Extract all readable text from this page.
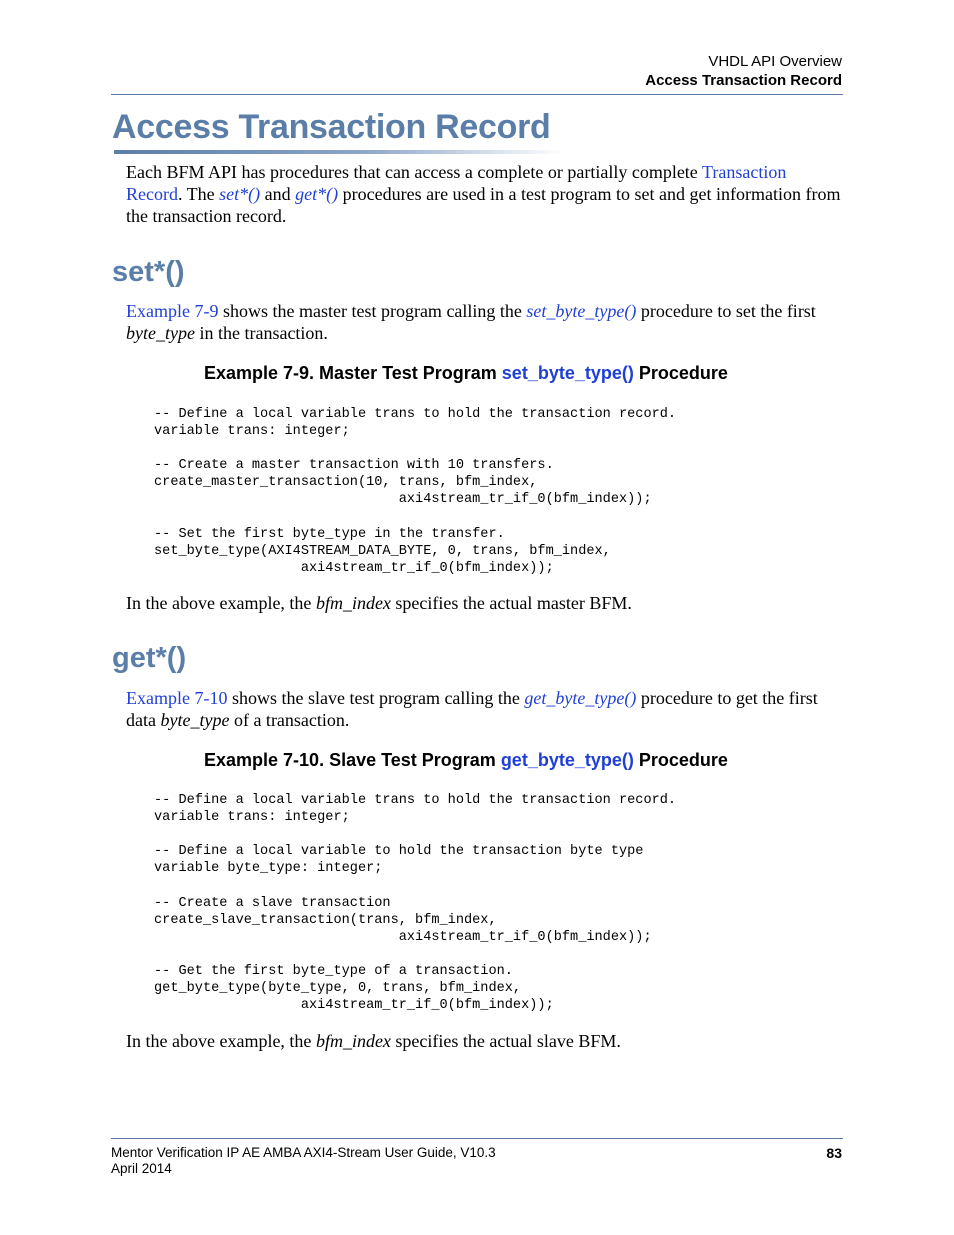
VHDL API Overview
Access Transaction Record
Access Transaction Record
Each BFM API has procedures that can access a complete or partially complete Transaction Record. The set*() and get*() procedures are used in a test program to set and get information from the transaction record.
set*()
Example 7-9 shows the master test program calling the set_byte_type() procedure to set the first byte_type in the transaction.
Example 7-9. Master Test Program set_byte_type() Procedure
-- Define a local variable trans to hold the transaction record.
variable trans: integer;

-- Create a master transaction with 10 transfers.
create_master_transaction(10, trans, bfm_index,
axi4stream_tr_if_0(bfm_index));

-- Set the first byte_type in the transfer.
set_byte_type(AXI4STREAM_DATA_BYTE, 0, trans, bfm_index,
axi4stream_tr_if_0(bfm_index));
In the above example, the bfm_index specifies the actual master BFM.
get*()
Example 7-10 shows the slave test program calling the get_byte_type() procedure to get the first data byte_type of a transaction.
Example 7-10. Slave Test Program get_byte_type() Procedure
-- Define a local variable trans to hold the transaction record.
variable trans: integer;

-- Define a local variable to hold the transaction byte type
variable byte_type: integer;

-- Create a slave transaction
create_slave_transaction(trans, bfm_index,
axi4stream_tr_if_0(bfm_index));

-- Get the first byte_type of a transaction.
get_byte_type(byte_type, 0, trans, bfm_index,
axi4stream_tr_if_0(bfm_index));
In the above example, the bfm_index specifies the actual slave BFM.
Mentor Verification IP AE AMBA AXI4-Stream User Guide, V10.3
April 2014
83
